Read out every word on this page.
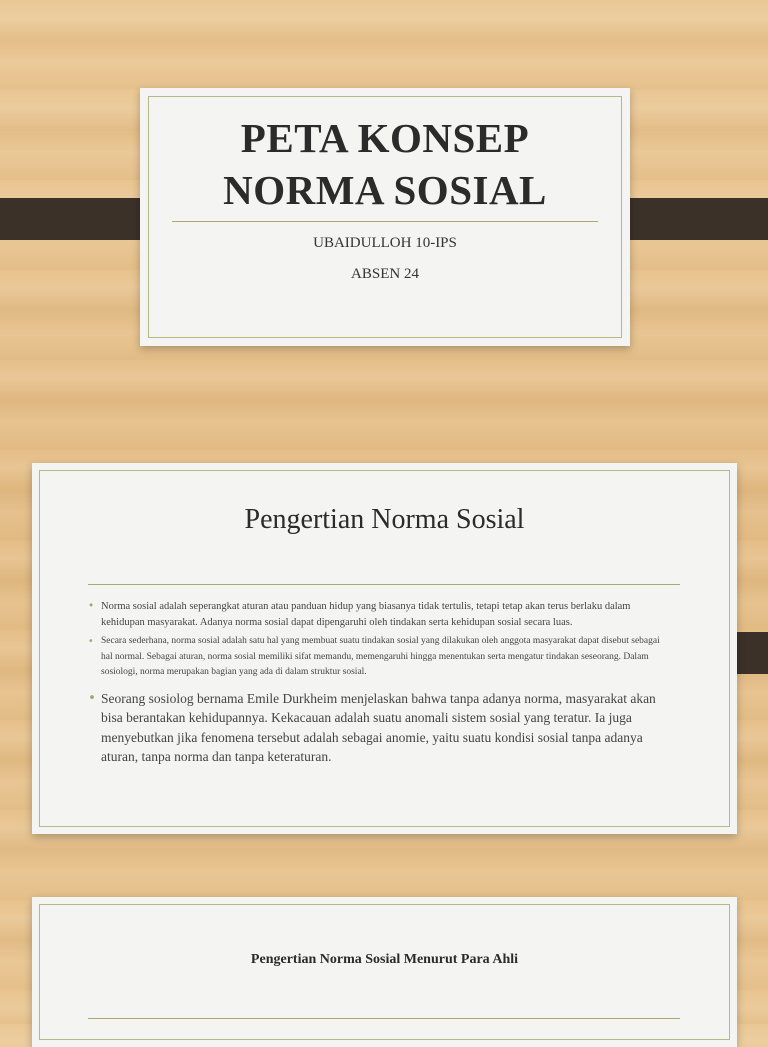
PETA KONSEP
NORMA SOSIAL
UBAIDULLOH 10-IPS
ABSEN 24
Pengertian Norma Sosial
• Norma sosial adalah seperangkat aturan atau panduan hidup yang biasanya tidak tertulis, tetapi tetap akan terus berlaku dalam kehidupan masyarakat. Adanya norma sosial dapat dipengaruhi oleh tindakan serta kehidupan sosial secara luas.
• Secara sederhana, norma sosial adalah satu hal yang membuat suatu tindakan sosial yang dilakukan oleh anggota masyarakat dapat disebut sebagai hal normal. Sebagai aturan, norma sosial memiliki sifat memandu, memengaruhi hingga menentukan serta mengatur tindakan seseorang. Dalam sosiologi, norma merupakan bagian yang ada di dalam struktur sosial.
• Seorang sosiolog bernama Emile Durkheim menjelaskan bahwa tanpa adanya norma, masyarakat akan bisa berantakan kehidupannya. Kekacauan adalah suatu anomali sistem sosial yang teratur. Ia juga menyebutkan jika fenomena tersebut adalah sebagai anomie, yaitu suatu kondisi sosial tanpa adanya aturan, tanpa norma dan tanpa keteraturan.
Pengertian Norma Sosial Menurut Para Ahli
